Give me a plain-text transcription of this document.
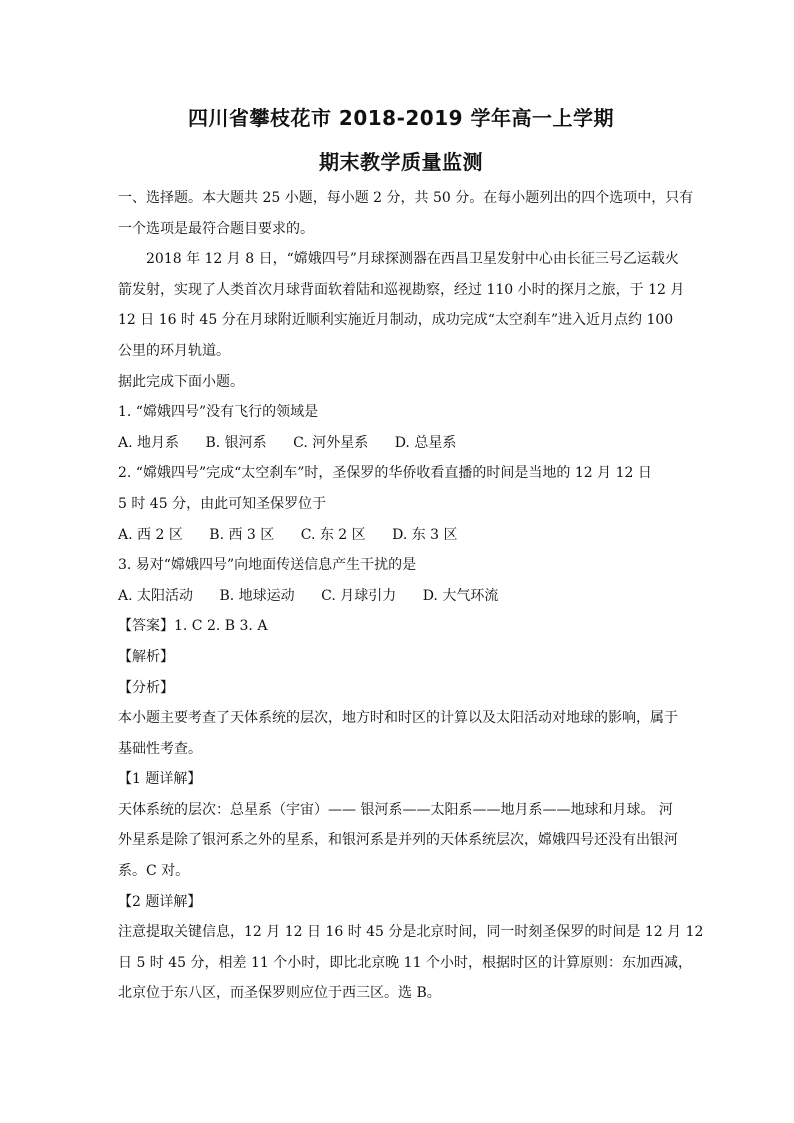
四川省攀枝花市 2018-2019 学年高一上学期
期末教学质量监测

一、选择题。本大题共 25 小题，每小题 2 分，共 50 分。在每小题列出的四个选项中，只有

一个选项是最符合题目要求的。

2018 年 12 月 8 日，“嫦娥四号”月球探测器在西昌卫星发射中心由长征三号乙运载火

箭发射，实现了人类首次月球背面软着陆和巡视勘察，经过 110 小时的探月之旅，于 12 月

12 日 16 时 45 分在月球附近顺利实施近月制动，成功完成“太空刹车”进入近月点约 100

公里的环月轨道。

据此完成下面小题。

1. “嫦娥四号”没有飞行的领域是

A. 地月系 B. 银河系 C. 河外星系 D. 总星系

2. “嫦娥四号”完成“太空刹车”时，圣保罗的华侨收看直播的时间是当地的 12 月 12 日

5 时 45 分，由此可知圣保罗位于

A. 西 2 区 B. 西 3 区 C. 东 2 区 D. 东 3 区

3. 易对“嫦娥四号”向地面传送信息产生干扰的是

A. 太阳活动 B. 地球运动 C. 月球引力 D. 大气环流

【答案】1. C 2. B 3. A

【解析】

【分析】

本小题主要考查了天体系统的层次，地方时和时区的计算以及太阳活动对地球的影响，属于

基础性考查。

【1 题详解】

天体系统的层次：总星系（宇宙）—— 银河系——太阳系——地月系——地球和月球。 河

外星系是除了银河系之外的星系，和银河系是并列的天体系统层次，嫦娥四号还没有出银河

系。C 对。

【2 题详解】

注意提取关键信息，12 月 12 日 16 时 45 分是北京时间，同一时刻圣保罗的时间是 12 月 12

日 5 时 45 分，相差 11 个小时，即比北京晚 11 个小时，根据时区的计算原则：东加西减，

北京位于东八区，而圣保罗则应位于西三区。选 B。
